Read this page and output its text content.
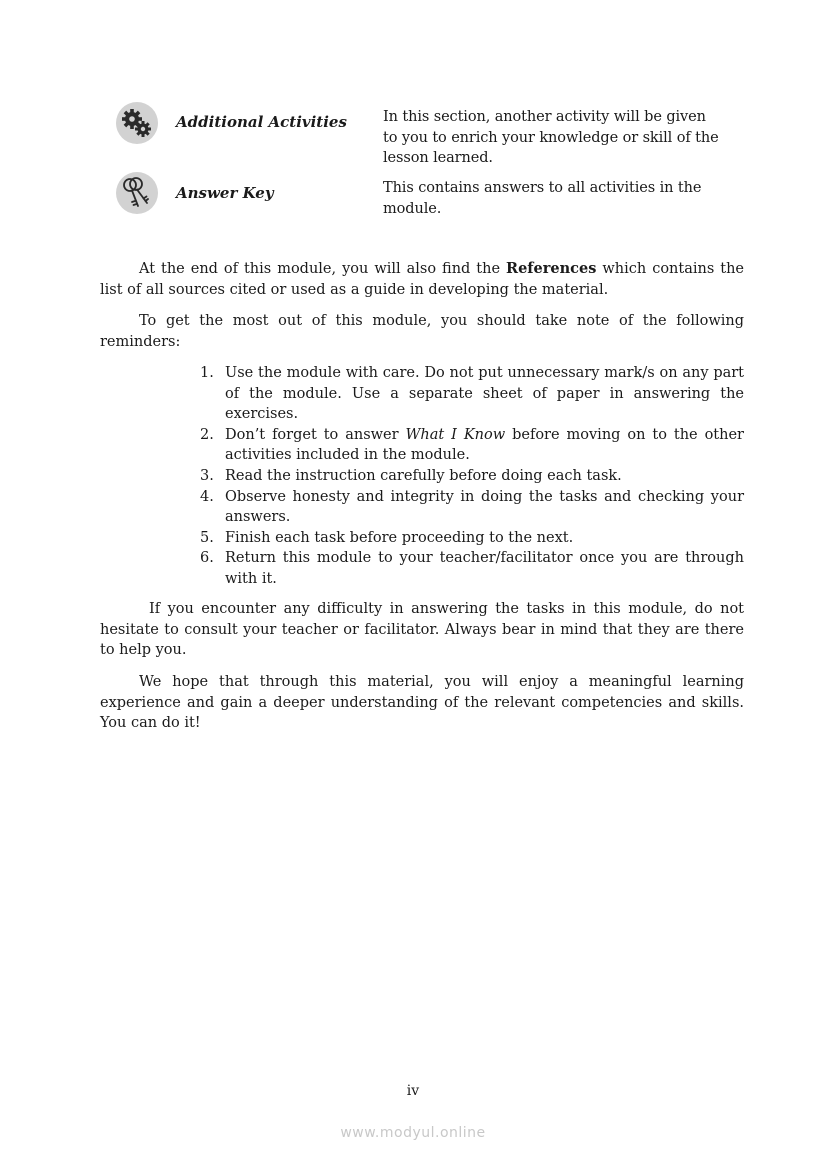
Additional Activities In this section, another activity will be given
to you to enrich your knowledge or skill of the
lesson learned.
Answer Key	This contains answers to all activities in the
module.

At the end of this module, you will also find the References which contains the list of all sources cited or used as a guide in developing the material.

To get the most out of this module, you should take note of the following reminders:

1. Use the module with care. Do not put unnecessary mark/s on any part of the module. Use a separate sheet of paper in answering the exercises.
2. Don’t forget to answer What I Know before moving on to the other activities included in the module.
3. Read the instruction carefully before doing each task.
4. Observe honesty and integrity in doing the tasks and checking your answers.
5. Finish each task before proceeding to the next.
6. Return this module to your teacher/facilitator once you are through with it.

If you encounter any difficulty in answering the tasks in this module, do not hesitate to consult your teacher or facilitator. Always bear in mind that they are there to help you.

We hope that through this material, you will enjoy a meaningful learning experience and gain a deeper understanding of the relevant competencies and skills. You can do it!

iv
www.modyul.online
